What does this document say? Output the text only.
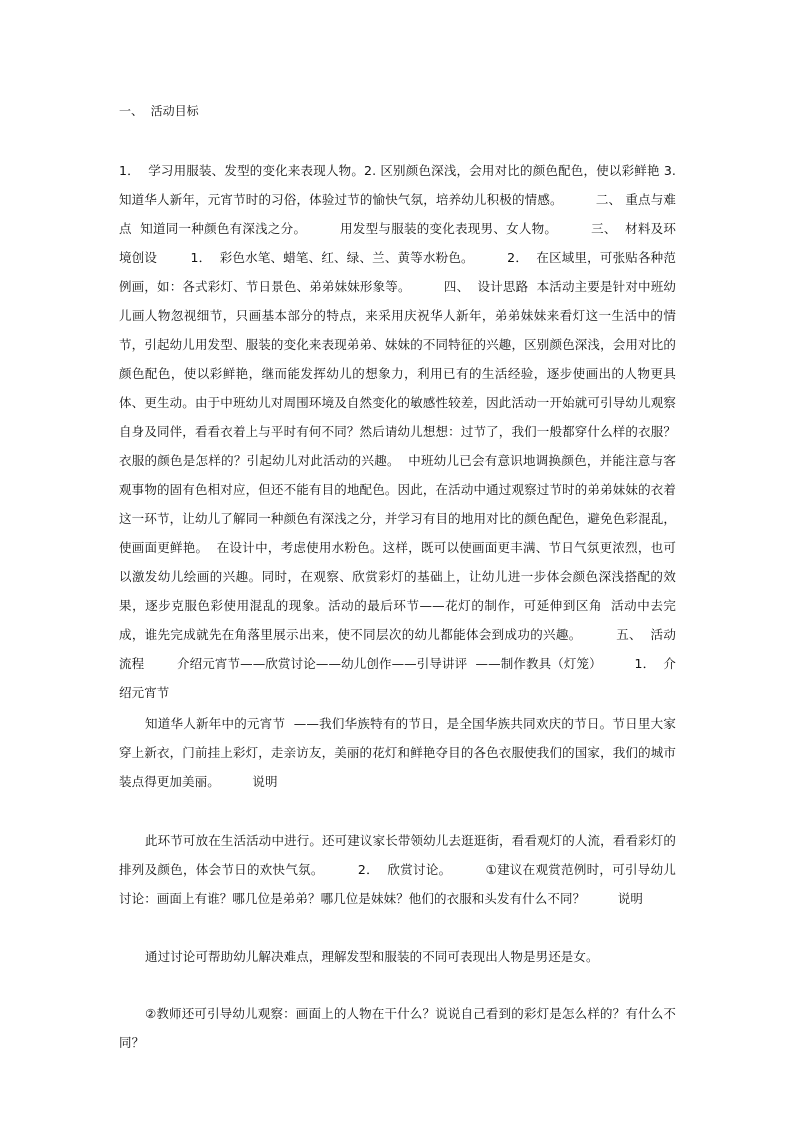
一、  活动目标
1．  学习用服装、发型的变化来表现人物。2. 区别颜色深浅，会用对比的颜色配色，使以彩鲜艳 3.  知道华人新年，元宵节时的习俗，体验过节的愉快气氛，培养幼儿积极的情感。        二、 重点与难点  知道同一种颜色有深浅之分。        用发型与服装的变化表现男、女人物。        三、  材料及环境创设        1．  彩色水笔、蜡笔、红、绿、兰、黄等水粉色。        2．  在区域里，可张贴各种范例画，如：各式彩灯、节日景色、弟弟妹妹形象等。        四、  设计思路  本活动主要是针对中班幼儿画人物忽视细节，只画基本部分的特点，来采用庆祝华人新年，弟弟妹妹来看灯这一生活中的情节，引起幼儿用发型、服装的变化来表现弟弟、妹妹的不同特征的兴趣，区别颜色深浅，会用对比的颜色配色，使以彩鲜艳，继而能发挥幼儿的想象力，利用已有的生活经验，逐步使画出的人物更具体、更生动。由于中班幼儿对周围环境及自然变化的敏感性较差，因此活动一开始就可引导幼儿观察自身及同伴，看看衣着上与平时有何不同？然后请幼儿想想：过节了，我们一般都穿什么样的衣服？衣服的颜色是怎样的？引起幼儿对此活动的兴趣。  中班幼儿已会有意识地调换颜色，并能注意与客观事物的固有色相对应，但还不能有目的地配色。因此，在活动中通过观察过节时的弟弟妹妹的衣着这一环节，让幼儿了解同一种颜色有深浅之分，并学习有目的地用对比的颜色配色，避免色彩混乱，使画面更鲜艳。  在设计中，考虑使用水粉色。这样，既可以使画面更丰满、节日气氛更浓烈，也可以激发幼儿绘画的兴趣。同时，在观察、欣赏彩灯的基础上，让幼儿进一步体会颜色深浅搭配的效果，逐步克服色彩使用混乱的现象。活动的最后环节——花灯的制作，可延伸到区角  活动中去完成，谁先完成就先在角落里展示出来，使不同层次的幼儿都能体会到成功的兴趣。        五、  活动流程        介绍元宵节——欣赏讨论——幼儿创作——引导讲评  ——制作教具（灯笼）        1．  介绍元宵节
知道华人新年中的元宵节  ——我们华族特有的节日，是全国华族共同欢庆的节日。节日里大家穿上新衣，门前挂上彩灯，走亲访友，美丽的花灯和鲜艳夺目的各色衣服使我们的国家，我们的城市装点得更加美丽。        说明
此环节可放在生活活动中进行。还可建议家长带领幼儿去逛逛街，看看观灯的人流，看看彩灯的排列及颜色，体会节日的欢快气氛。        2．  欣赏讨论。        ①建议在观赏范例时，可引导幼儿讨论：画面上有谁？哪几位是弟弟？哪几位是妹妹？他们的衣服和头发有什么不同？        说明
通过讨论可帮助幼儿解决难点，理解发型和服装的不同可表现出人物是男还是女。
②教师还可引导幼儿观察：画面上的人物在干什么？说说自己看到的彩灯是怎么样的？有什么不同？
